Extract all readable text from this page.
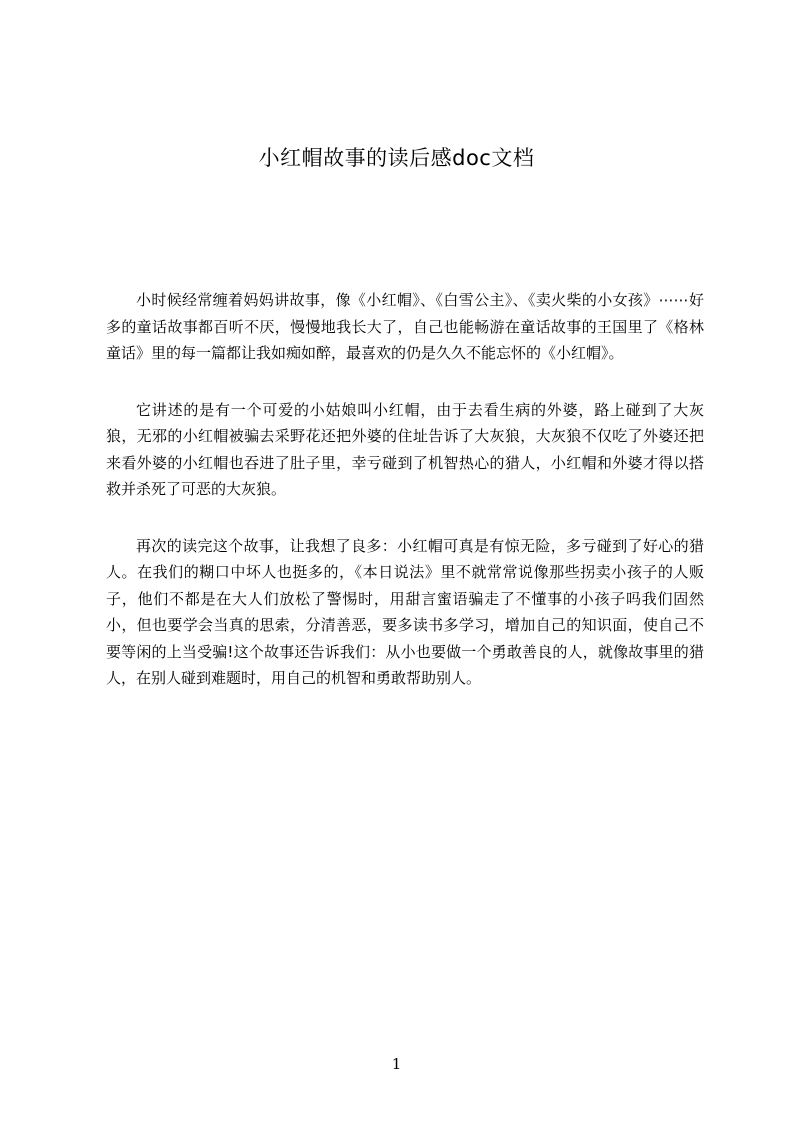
小红帽故事的读后感doc文档

小时候经常缠着妈妈讲故事，像《小红帽》、《白雪公主》、《卖火柴的小女孩》⋯⋯好多的童话故事都百听不厌，慢慢地我长大了，自己也能畅游在童话故事的王国里了《格林童话》里的每一篇都让我如痴如醉，最喜欢的仍是久久不能忘怀的《小红帽》。

它讲述的是有一个可爱的小姑娘叫小红帽，由于去看生病的外婆，路上碰到了大灰狼，无邪的小红帽被骗去采野花还把外婆的住址告诉了大灰狼，大灰狼不仅吃了外婆还把来看外婆的小红帽也吞进了肚子里，幸亏碰到了机智热心的猎人，小红帽和外婆才得以搭救并杀死了可恶的大灰狼。

再次的读完这个故事，让我想了良多：小红帽可真是有惊无险，多亏碰到了好心的猎人。在我们的糊口中坏人也挺多的，《本日说法》里不就常常说像那些拐卖小孩子的人贩子，他们不都是在大人们放松了警惕时，用甜言蜜语骗走了不懂事的小孩子吗我们固然小，但也要学会当真的思索，分清善恶，要多读书多学习，增加自己的知识面，使自己不要等闲的上当受骗!这个故事还告诉我们：从小也要做一个勇敢善良的人，就像故事里的猎人，在别人碰到难题时，用自己的机智和勇敢帮助别人。

1
